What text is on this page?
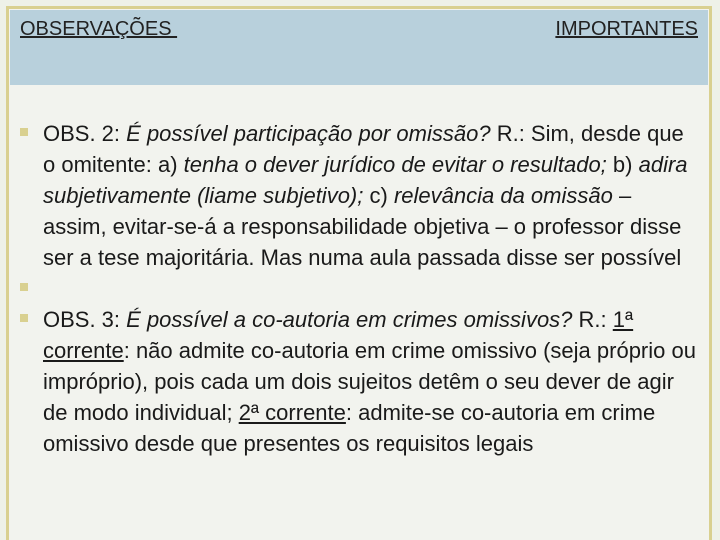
OBSERVAÇÕES	IMPORTANTES
OBS. 2: É possível participação por omissão? R.: Sim, desde que o omitente: a) tenha o dever jurídico de evitar o resultado; b) adira subjetivamente (liame subjetivo); c) relevância da omissão – assim, evitar-se-á a responsabilidade objetiva – o professor disse ser a tese majoritária. Mas numa aula passada disse ser possível
OBS. 3: É possível a co-autoria em crimes omissivos? R.: 1ª corrente: não admite co-autoria em crime omissivo (seja próprio ou impróprio), pois cada um dois sujeitos detêm o seu dever de agir de modo individual; 2ª corrente: admite-se co-autoria em crime omissivo desde que presentes os requisitos legais
